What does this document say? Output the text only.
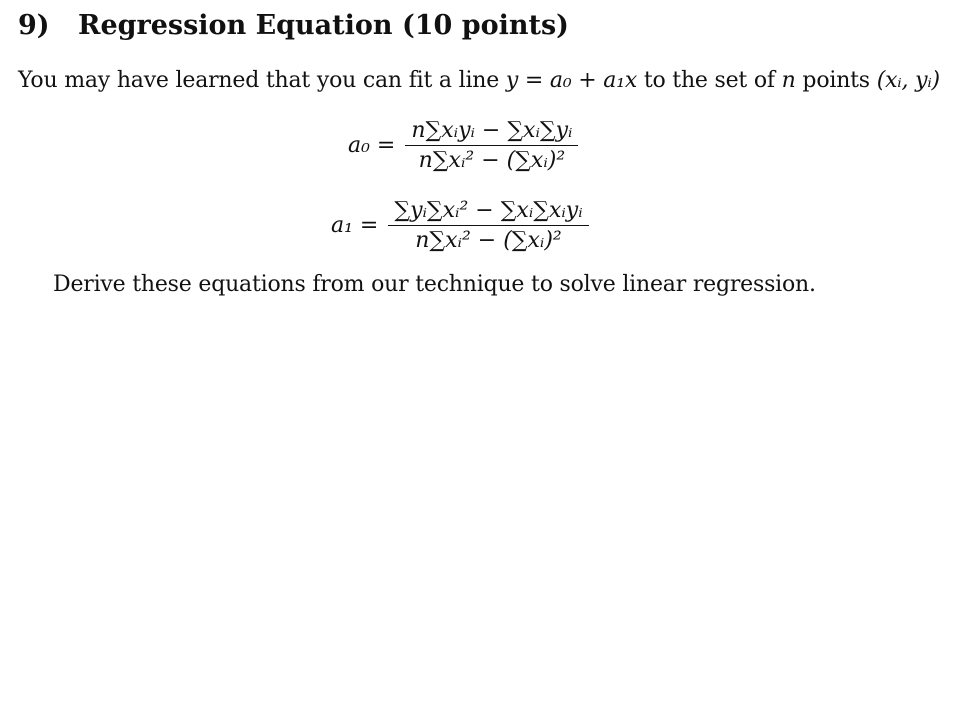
9) Regression Equation (10 points)
You may have learned that you can fit a line y = a₀ + a₁x to the set of n points (xᵢ, yᵢ)
$a_0 = \frac{\text{n∑xᵢyᵢ − ∑xᵢ∑yᵢ}}{\text{n∑xᵢ² − (∑xᵢ)²}}$
$a_1 = \frac{\text{∑yᵢ∑xᵢ² − ∑xᵢ∑xᵢyᵢ}}{\text{n∑xᵢ² − (∑xᵢ)²}}$
Derive these equations from our technique to solve linear regression.
